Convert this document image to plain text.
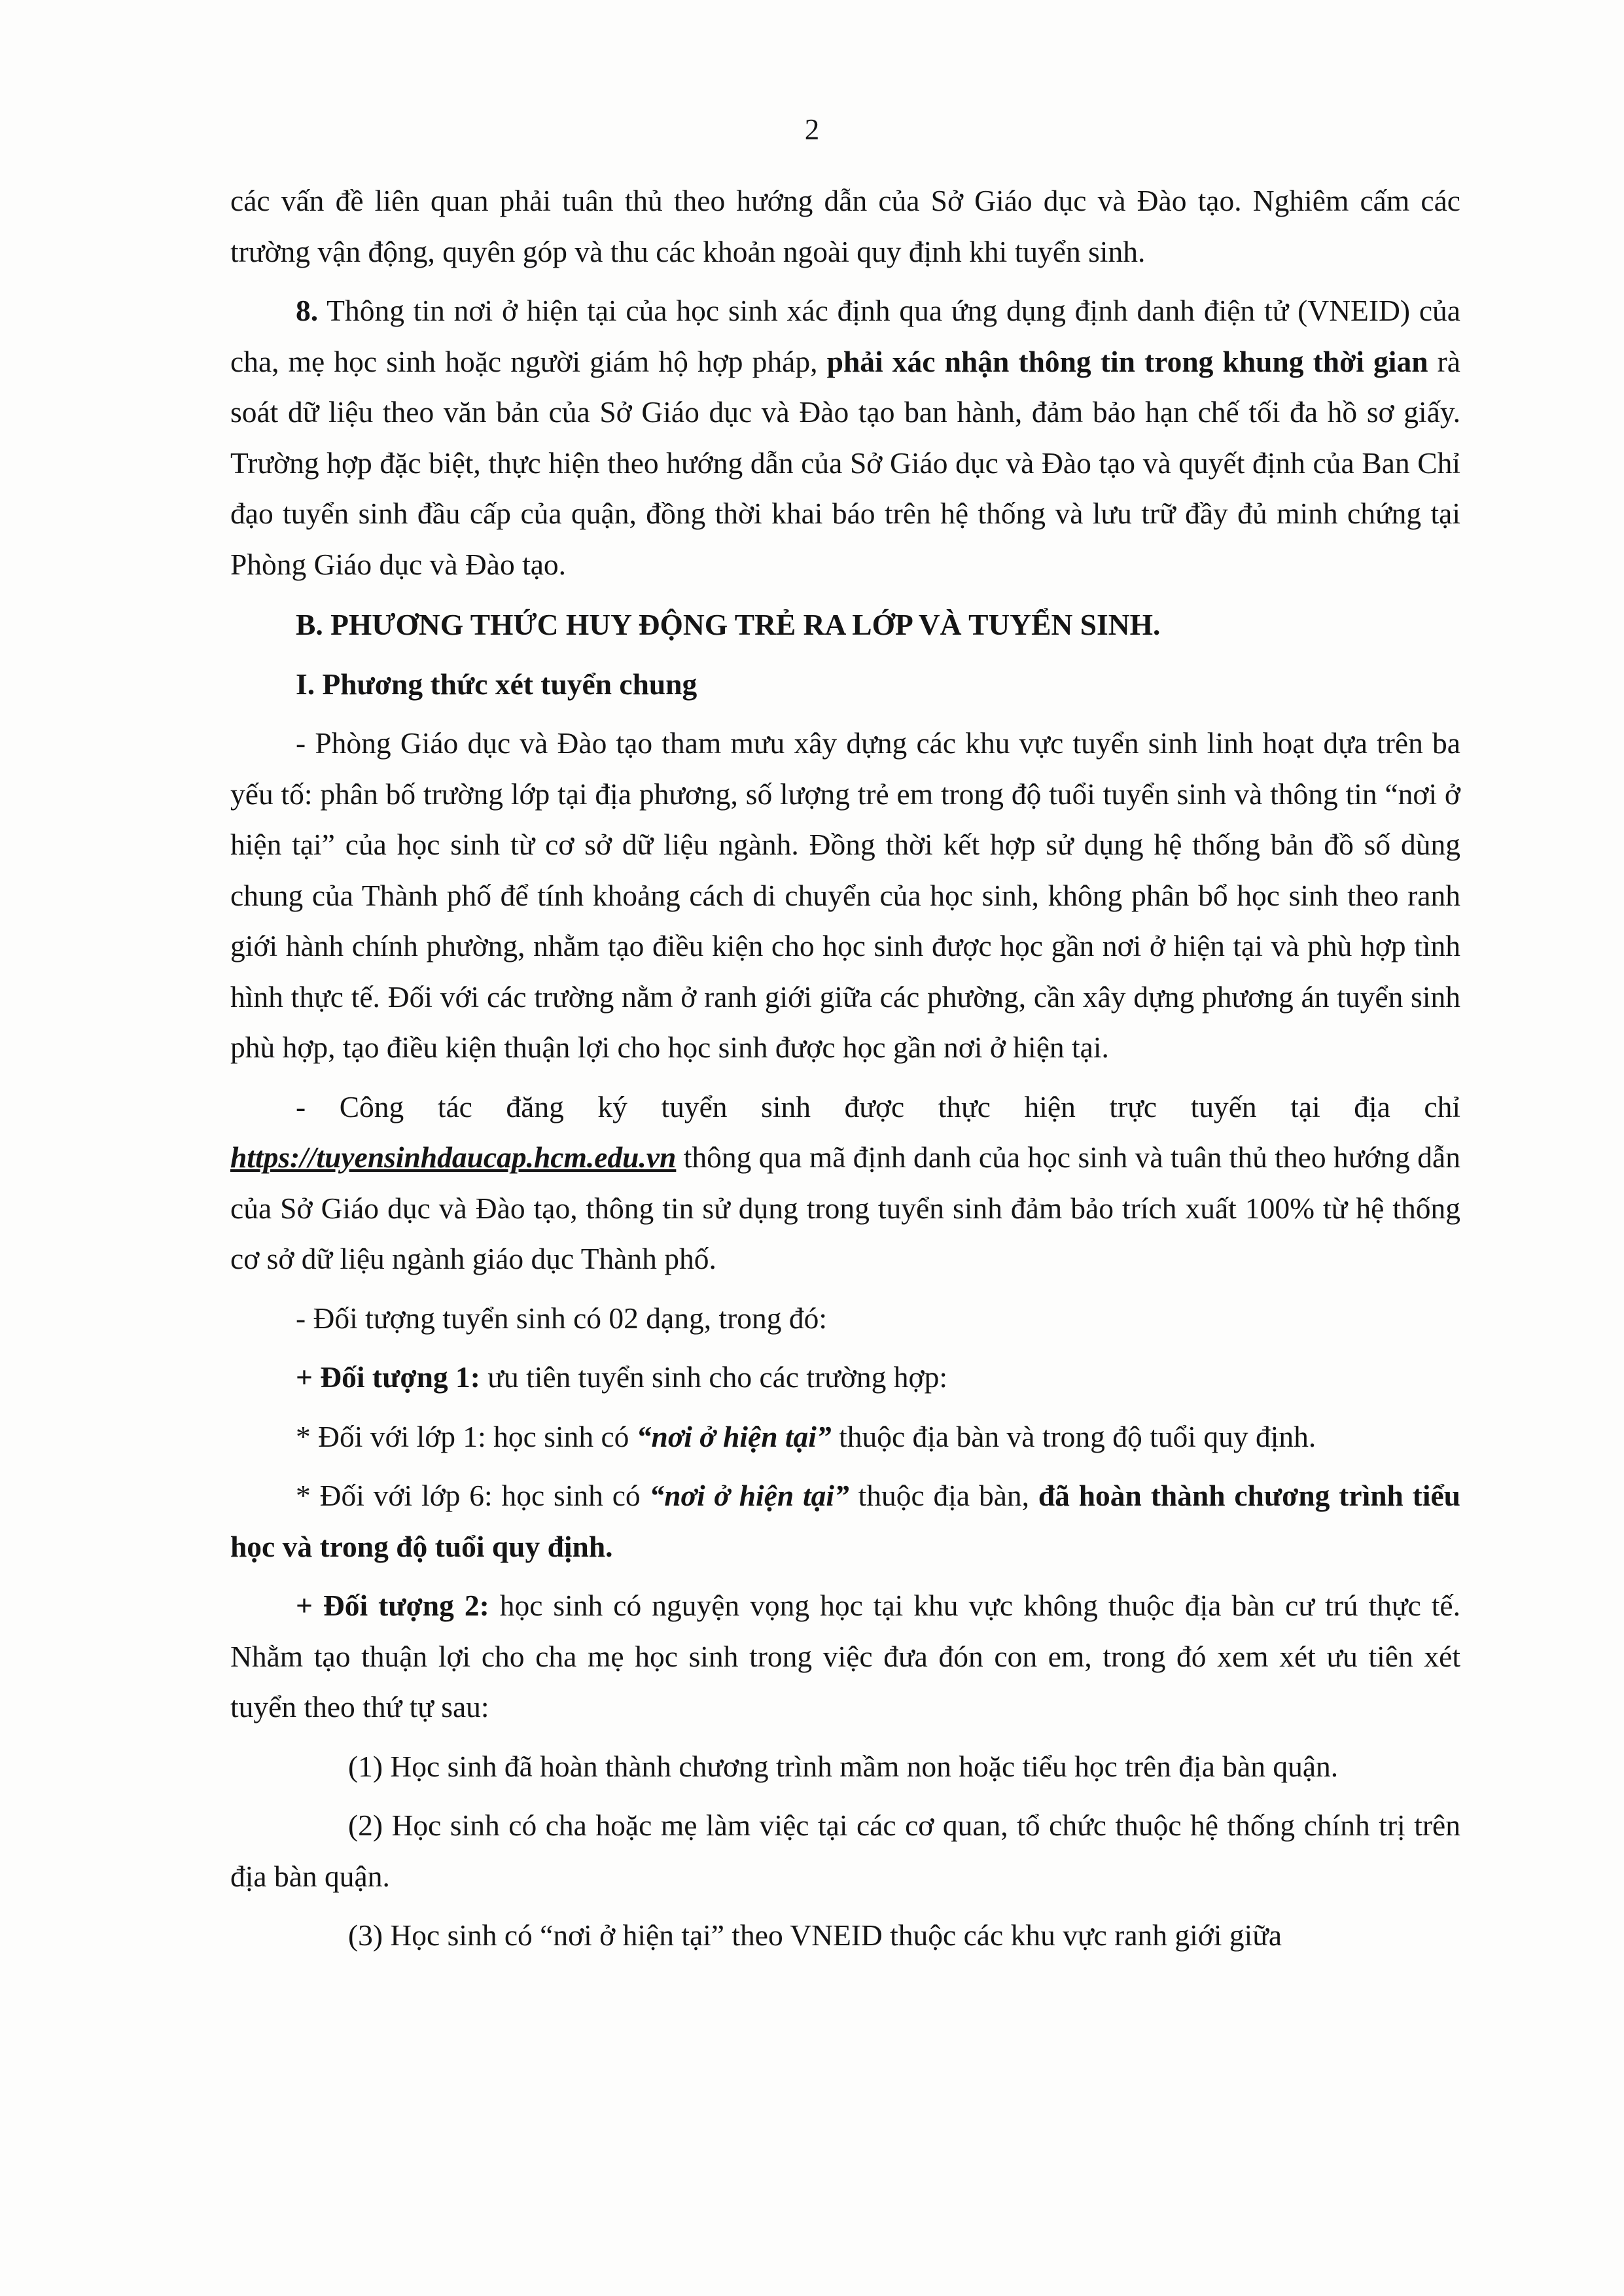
2

các vấn đề liên quan phải tuân thủ theo hướng dẫn của Sở Giáo dục và Đào tạo. Nghiêm cấm các trường vận động, quyên góp và thu các khoản ngoài quy định khi tuyển sinh.

8. Thông tin nơi ở hiện tại của học sinh xác định qua ứng dụng định danh điện tử (VNEID) của cha, mẹ học sinh hoặc người giám hộ hợp pháp, phải xác nhận thông tin trong khung thời gian rà soát dữ liệu theo văn bản của Sở Giáo dục và Đào tạo ban hành, đảm bảo hạn chế tối đa hồ sơ giấy. Trường hợp đặc biệt, thực hiện theo hướng dẫn của Sở Giáo dục và Đào tạo và quyết định của Ban Chỉ đạo tuyển sinh đầu cấp của quận, đồng thời khai báo trên hệ thống và lưu trữ đầy đủ minh chứng tại Phòng Giáo dục và Đào tạo.

B. PHƯƠNG THỨC HUY ĐỘNG TRẺ RA LỚP VÀ TUYỂN SINH.

I. Phương thức xét tuyển chung

- Phòng Giáo dục và Đào tạo tham mưu xây dựng các khu vực tuyển sinh linh hoạt dựa trên ba yếu tố: phân bố trường lớp tại địa phương, số lượng trẻ em trong độ tuổi tuyển sinh và thông tin “nơi ở hiện tại” của học sinh từ cơ sở dữ liệu ngành. Đồng thời kết hợp sử dụng hệ thống bản đồ số dùng chung của Thành phố để tính khoảng cách di chuyển của học sinh, không phân bổ học sinh theo ranh giới hành chính phường, nhằm tạo điều kiện cho học sinh được học gần nơi ở hiện tại và phù hợp tình hình thực tế. Đối với các trường nằm ở ranh giới giữa các phường, cần xây dựng phương án tuyển sinh phù hợp, tạo điều kiện thuận lợi cho học sinh được học gần nơi ở hiện tại.

- Công tác đăng ký tuyển sinh được thực hiện trực tuyến tại địa chỉ https://tuyensinhdaucap.hcm.edu.vn thông qua mã định danh của học sinh và tuân thủ theo hướng dẫn của Sở Giáo dục và Đào tạo, thông tin sử dụng trong tuyển sinh đảm bảo trích xuất 100% từ hệ thống cơ sở dữ liệu ngành giáo dục Thành phố.

- Đối tượng tuyển sinh có 02 dạng, trong đó:

+ Đối tượng 1: ưu tiên tuyển sinh cho các trường hợp:

* Đối với lớp 1: học sinh có “nơi ở hiện tại” thuộc địa bàn và trong độ tuổi quy định.

* Đối với lớp 6: học sinh có “nơi ở hiện tại” thuộc địa bàn, đã hoàn thành chương trình tiểu học và trong độ tuổi quy định.

+ Đối tượng 2: học sinh có nguyện vọng học tại khu vực không thuộc địa bàn cư trú thực tế. Nhằm tạo thuận lợi cho cha mẹ học sinh trong việc đưa đón con em, trong đó xem xét ưu tiên xét tuyển theo thứ tự sau:

(1) Học sinh đã hoàn thành chương trình mầm non hoặc tiểu học trên địa bàn quận.

(2) Học sinh có cha hoặc mẹ làm việc tại các cơ quan, tổ chức thuộc hệ thống chính trị trên địa bàn quận.

(3) Học sinh có “nơi ở hiện tại” theo VNEID thuộc các khu vực ranh giới giữa
